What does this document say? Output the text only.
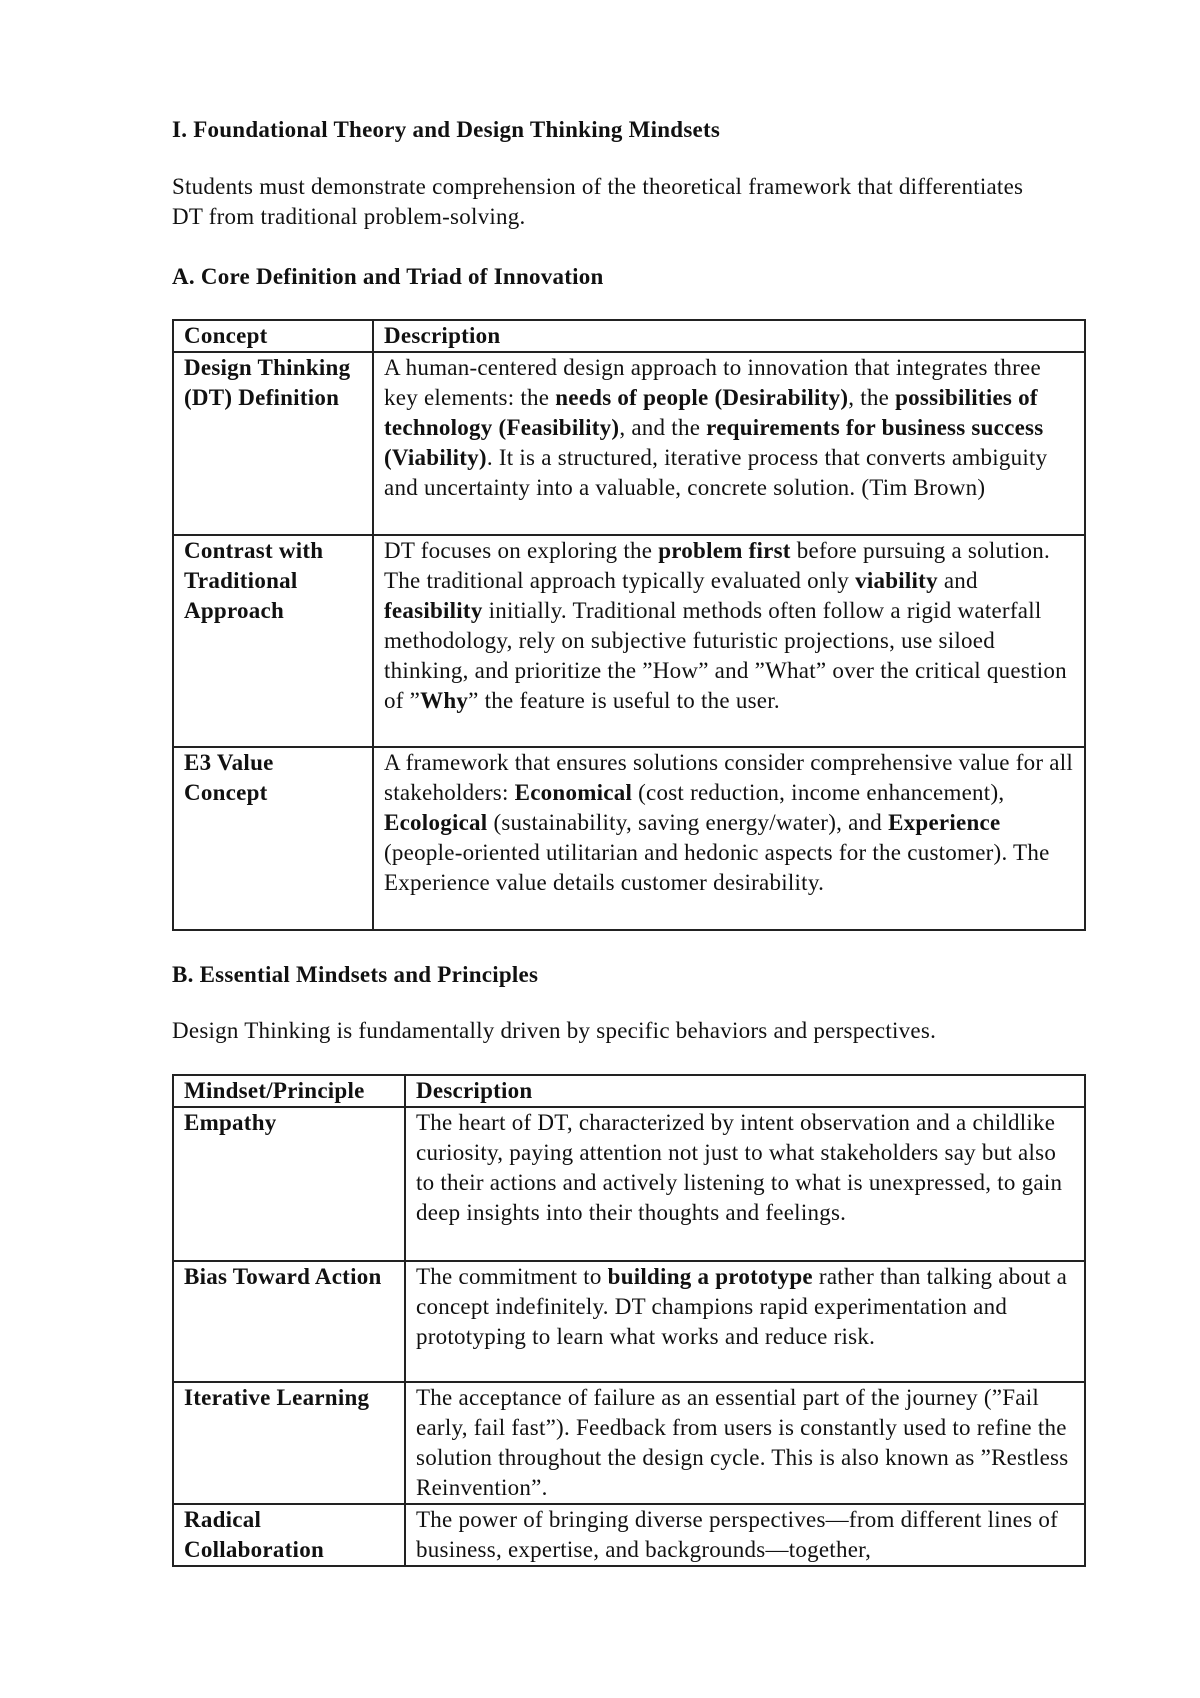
I. Foundational Theory and Design Thinking Mindsets

Students must demonstrate comprehension of the theoretical framework that differentiates DT from traditional problem-solving.

A. Core Definition and Triad of Innovation

Concept	Description
Design Thinking (DT) Definition	A human-centered design approach to innovation that integrates three key elements: the needs of people (Desirability), the possibilities of technology (Feasibility), and the requirements for business success (Viability). It is a structured, iterative process that converts ambiguity and uncertainty into a valuable, concrete solution. (Tim Brown)
Contrast with Traditional Approach	DT focuses on exploring the problem first before pursuing a solution. The traditional approach typically evaluated only viability and feasibility initially. Traditional methods often follow a rigid waterfall methodology, rely on subjective futuristic projections, use siloed thinking, and prioritize the ”How” and ”What” over the critical question of ”Why” the feature is useful to the user.
E3 Value Concept	A framework that ensures solutions consider comprehensive value for all stakeholders: Economical (cost reduction, income enhancement), Ecological (sustainability, saving energy/water), and Experience (people-oriented utilitarian and hedonic aspects for the customer). The Experience value details customer desirability.

B. Essential Mindsets and Principles

Design Thinking is fundamentally driven by specific behaviors and perspectives.

Mindset/Principle	Description
Empathy	The heart of DT, characterized by intent observation and a childlike curiosity, paying attention not just to what stakeholders say but also to their actions and actively listening to what is unexpressed, to gain deep insights into their thoughts and feelings.
Bias Toward Action	The commitment to building a prototype rather than talking about a concept indefinitely. DT champions rapid experimentation and prototyping to learn what works and reduce risk.
Iterative Learning	The acceptance of failure as an essential part of the journey (”Fail early, fail fast”). Feedback from users is constantly used to refine the solution throughout the design cycle. This is also known as ”Restless Reinvention”.
Radical Collaboration	The power of bringing diverse perspectives—from different lines of business, expertise, and backgrounds—together,
